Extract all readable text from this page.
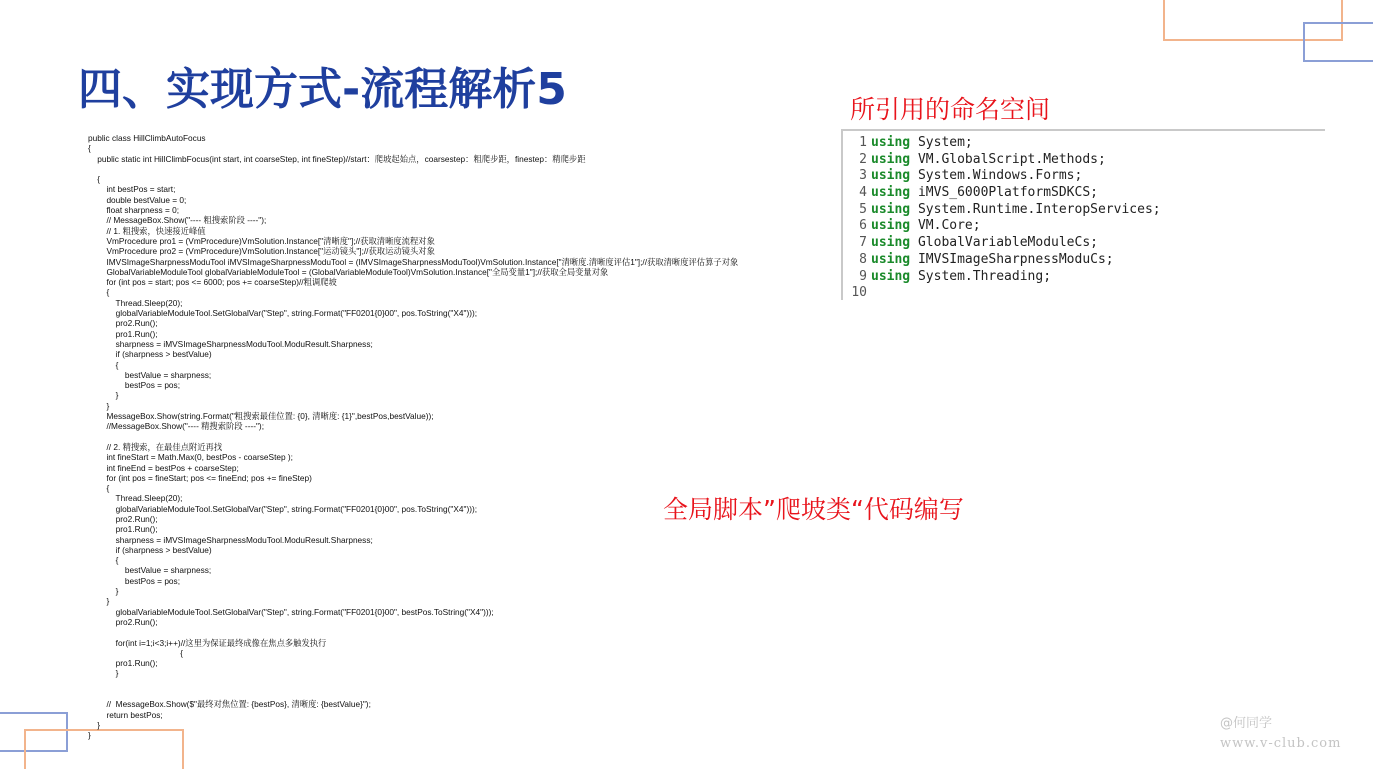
四、实现方式-流程解析5
public class HillClimbAutoFocus
{
public static int HillClimbFocus(int start, int coarseStep, int fineStep)//start：爬坡起始点，coarsestep：粗爬步距，finestep：精爬步距
{
int bestPos = start;
double bestValue = 0;
float sharpness = 0;
// MessageBox.Show("---- 粗搜索阶段 ----");
// 1. 粗搜索，快速接近峰值
VmProcedure pro1 = (VmProcedure)VmSolution.Instance["清晰度"];//获取清晰度流程对象
VmProcedure pro2 = (VmProcedure)VmSolution.Instance["运动镜头"];//获取运动镜头对象
IMVSImageSharpnessModuTool iMVSImageSharpnessModuTool = (IMVSImageSharpnessModuTool)VmSolution.Instance["清晰度.清晰度评估1"];//获取清晰度评估算子对象
GlobalVariableModuleTool globalVariableModuleTool = (GlobalVariableModuleTool)VmSolution.Instance["全局变量1"];//获取全局变量对象
for (int pos = start; pos <= 6000; pos += coarseStep)//粗调爬坡
{
Thread.Sleep(20);
globalVariableModuleTool.SetGlobalVar("Step", string.Format("FF0201{0}00", pos.ToString("X4")));
pro2.Run();
pro1.Run();
sharpness = iMVSImageSharpnessModuTool.ModuResult.Sharpness;
if (sharpness > bestValue)
{
bestValue = sharpness;
bestPos = pos;
}
}
MessageBox.Show(string.Format("粗搜索最佳位置: {0}, 清晰度: {1}",bestPos,bestValue));
//MessageBox.Show("---- 精搜索阶段 ----");
// 2. 精搜索，在最佳点附近再找
int fineStart = Math.Max(0, bestPos - coarseStep );
int fineEnd = bestPos + coarseStep;
for (int pos = fineStart; pos <= fineEnd; pos += fineStep)
{
Thread.Sleep(20);
globalVariableModuleTool.SetGlobalVar("Step", string.Format("FF0201{0}00", pos.ToString("X4")));
pro2.Run();
pro1.Run();
sharpness = iMVSImageSharpnessModuTool.ModuResult.Sharpness;
if (sharpness > bestValue)
{
bestValue = sharpness;
bestPos = pos;
}
}
globalVariableModuleTool.SetGlobalVar("Step", string.Format("FF0201{0}00", bestPos.ToString("X4")));
pro2.Run();
for(int i=1;i<3;i++)//这里为保证最终成像在焦点多触发执行
{
pro1.Run();
}
//  MessageBox.Show($"最终对焦位置: {bestPos}, 清晰度: {bestValue}");
return bestPos;
}
}
所引用的命名空间
1 using System;
2 using VM.GlobalScript.Methods;
3 using System.Windows.Forms;
4 using iMVS_6000PlatformSDKCS;
5 using System.Runtime.InteropServices;
6 using VM.Core;
7 using GlobalVariableModuleCs;
8 using IMVSImageSharpnessModuCs;
9 using System.Threading;
10
全局脚本”爬坡类“代码编写
@何同学
www.v-club.com
